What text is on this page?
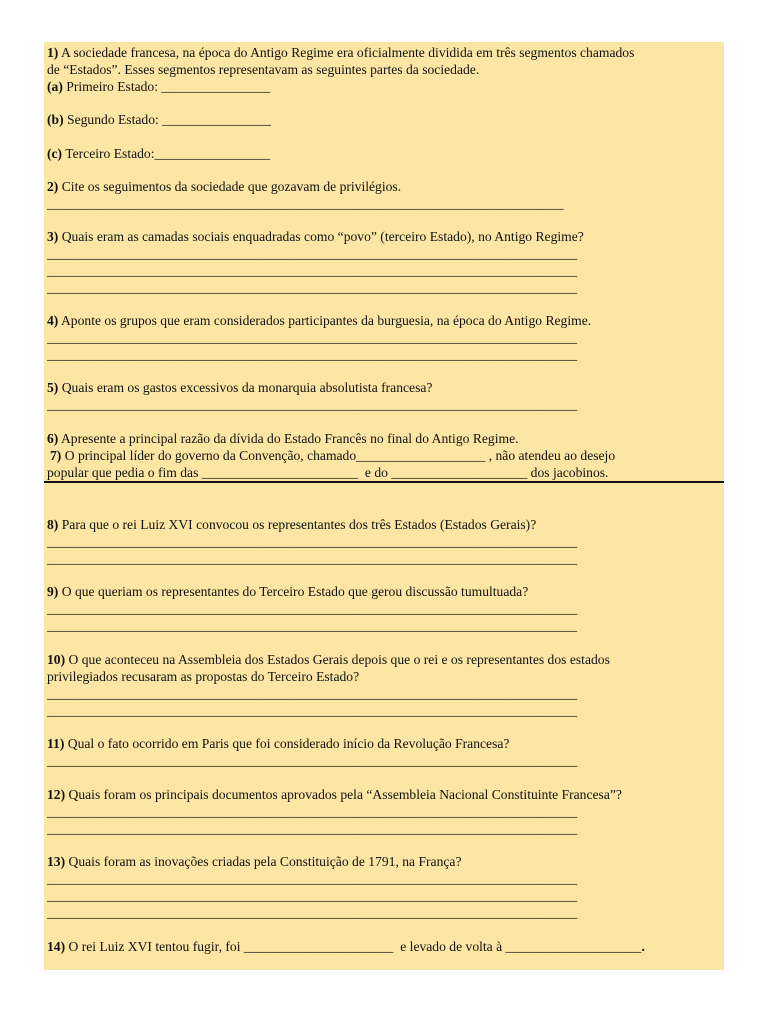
1) A sociedade francesa, na época do Antigo Regime era oficialmente dividida em três segmentos chamados
de “Estados”. Esses segmentos representavam as seguintes partes da sociedade.
(a) Primeiro Estado: ________________
(b) Segundo Estado: ________________
(c) Terceiro Estado:_________________
2) Cite os seguimentos da sociedade que gozavam de privilégios.
____________________________________________________________________________
3) Quais eram as camadas sociais enquadradas como “povo” (terceiro Estado), no Antigo Regime?
______________________________________________________________________________
______________________________________________________________________________
______________________________________________________________________________
4) Aponte os grupos que eram considerados participantes da burguesia, na época do Antigo Regime.
______________________________________________________________________________
______________________________________________________________________________
5) Quais eram os gastos excessivos da monarquia absolutista francesa?
______________________________________________________________________________
6) Apresente a principal razão da dívida do Estado Francês no final do Antigo Regime.
7) O principal líder do governo da Convenção, chamado___________________ , não atendeu ao desejo
popular que pedia o fim das _______________________  e do ____________________ dos jacobinos.
8) Para que o rei Luiz XVI convocou os representantes dos três Estados (Estados Gerais)?
______________________________________________________________________________
______________________________________________________________________________
9) O que queriam os representantes do Terceiro Estado que gerou discussão tumultuada?
______________________________________________________________________________
______________________________________________________________________________
10) O que aconteceu na Assembleia dos Estados Gerais depois que o rei e os representantes dos estados
privilegiados recusaram as propostas do Terceiro Estado?
______________________________________________________________________________
______________________________________________________________________________
11) Qual o fato ocorrido em Paris que foi considerado início da Revolução Francesa?
______________________________________________________________________________
12) Quais foram os principais documentos aprovados pela “Assembleia Nacional Constituinte Francesa”?
______________________________________________________________________________
______________________________________________________________________________
13) Quais foram as inovações criadas pela Constituição de 1791, na França?
______________________________________________________________________________
______________________________________________________________________________
______________________________________________________________________________
14) O rei Luiz XVI tentou fugir, foi ______________________  e levado de volta à ____________________.
